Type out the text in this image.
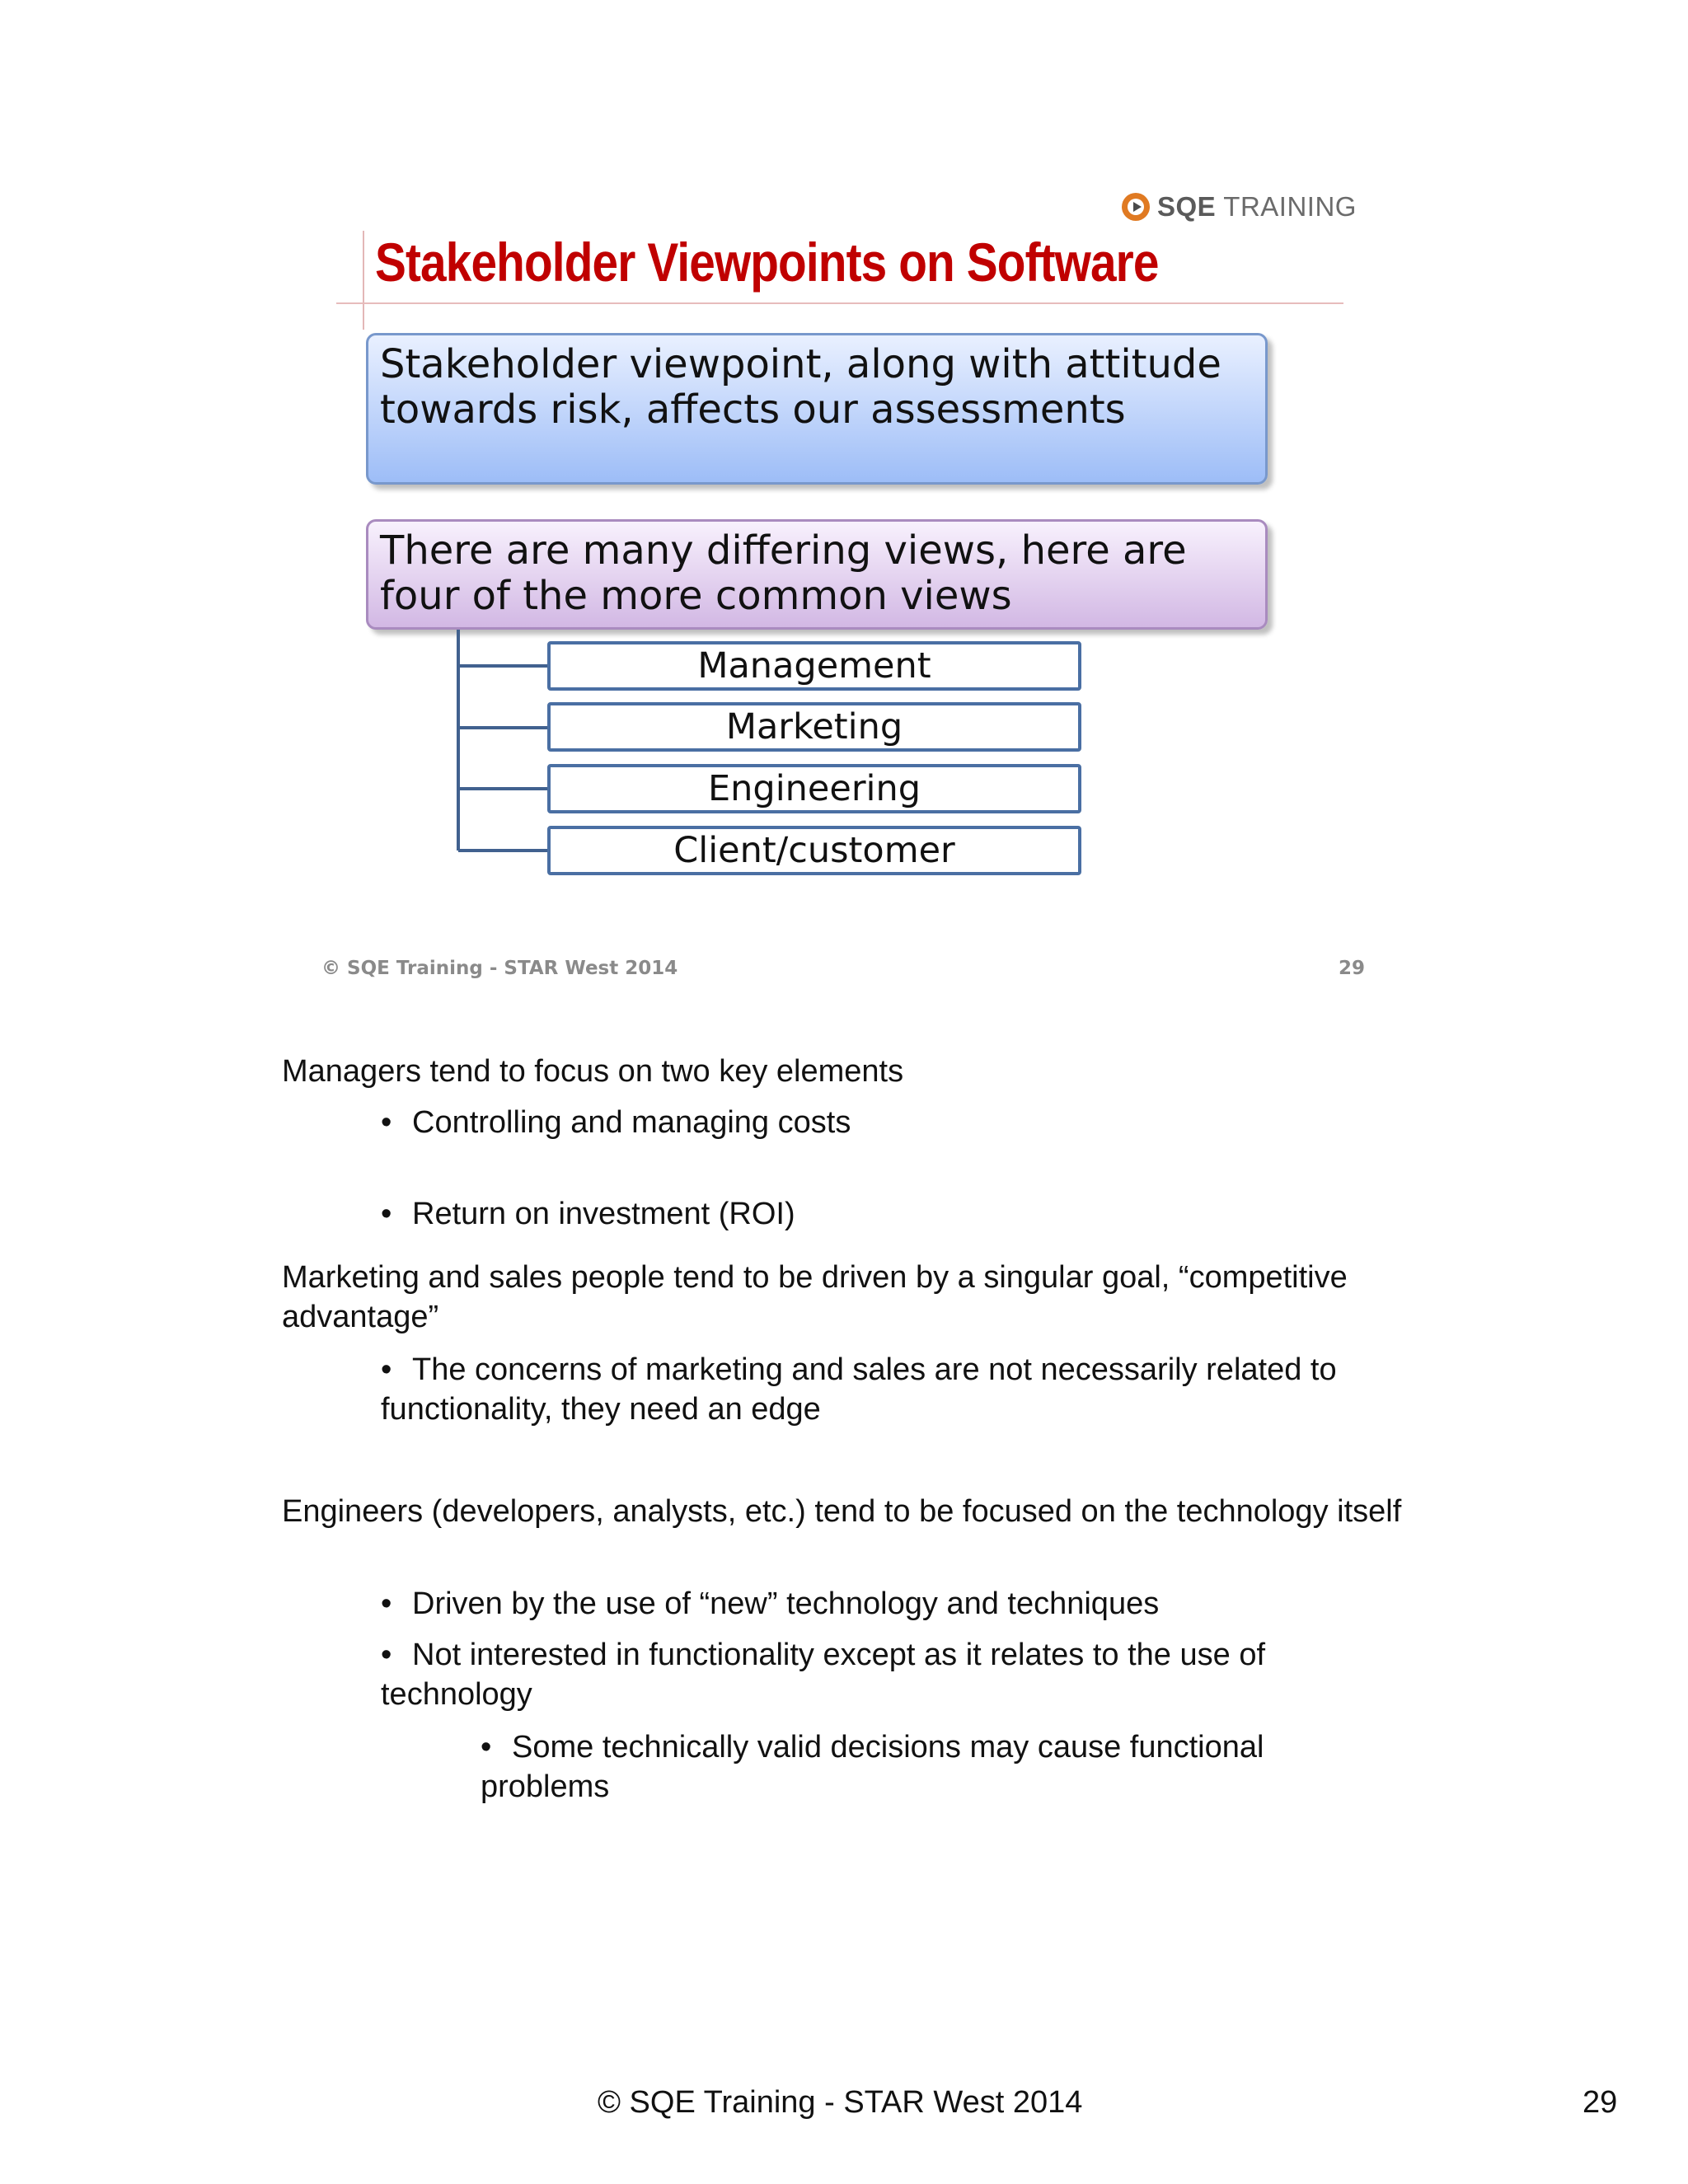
SQE TRAINING
Stakeholder Viewpoints on Software
Stakeholder viewpoint, along with attitude towards risk, affects our assessments
There are many differing views, here are four of the more common views
Management
Marketing
Engineering
Client/customer
© SQE Training - STAR West 2014	29
Managers tend to focus on two key elements
• Controlling and managing costs
• Return on investment (ROI)
Marketing and sales people tend to be driven by a singular goal, “competitive advantage”
• The concerns of marketing and sales are not necessarily related to functionality, they need an edge
Engineers (developers, analysts, etc.) tend to be focused on the technology itself
• Driven by the use of “new” technology and techniques
• Not interested in functionality except as it relates to the use of technology
• Some technically valid decisions may cause functional problems
© SQE Training - STAR West 2014	29
